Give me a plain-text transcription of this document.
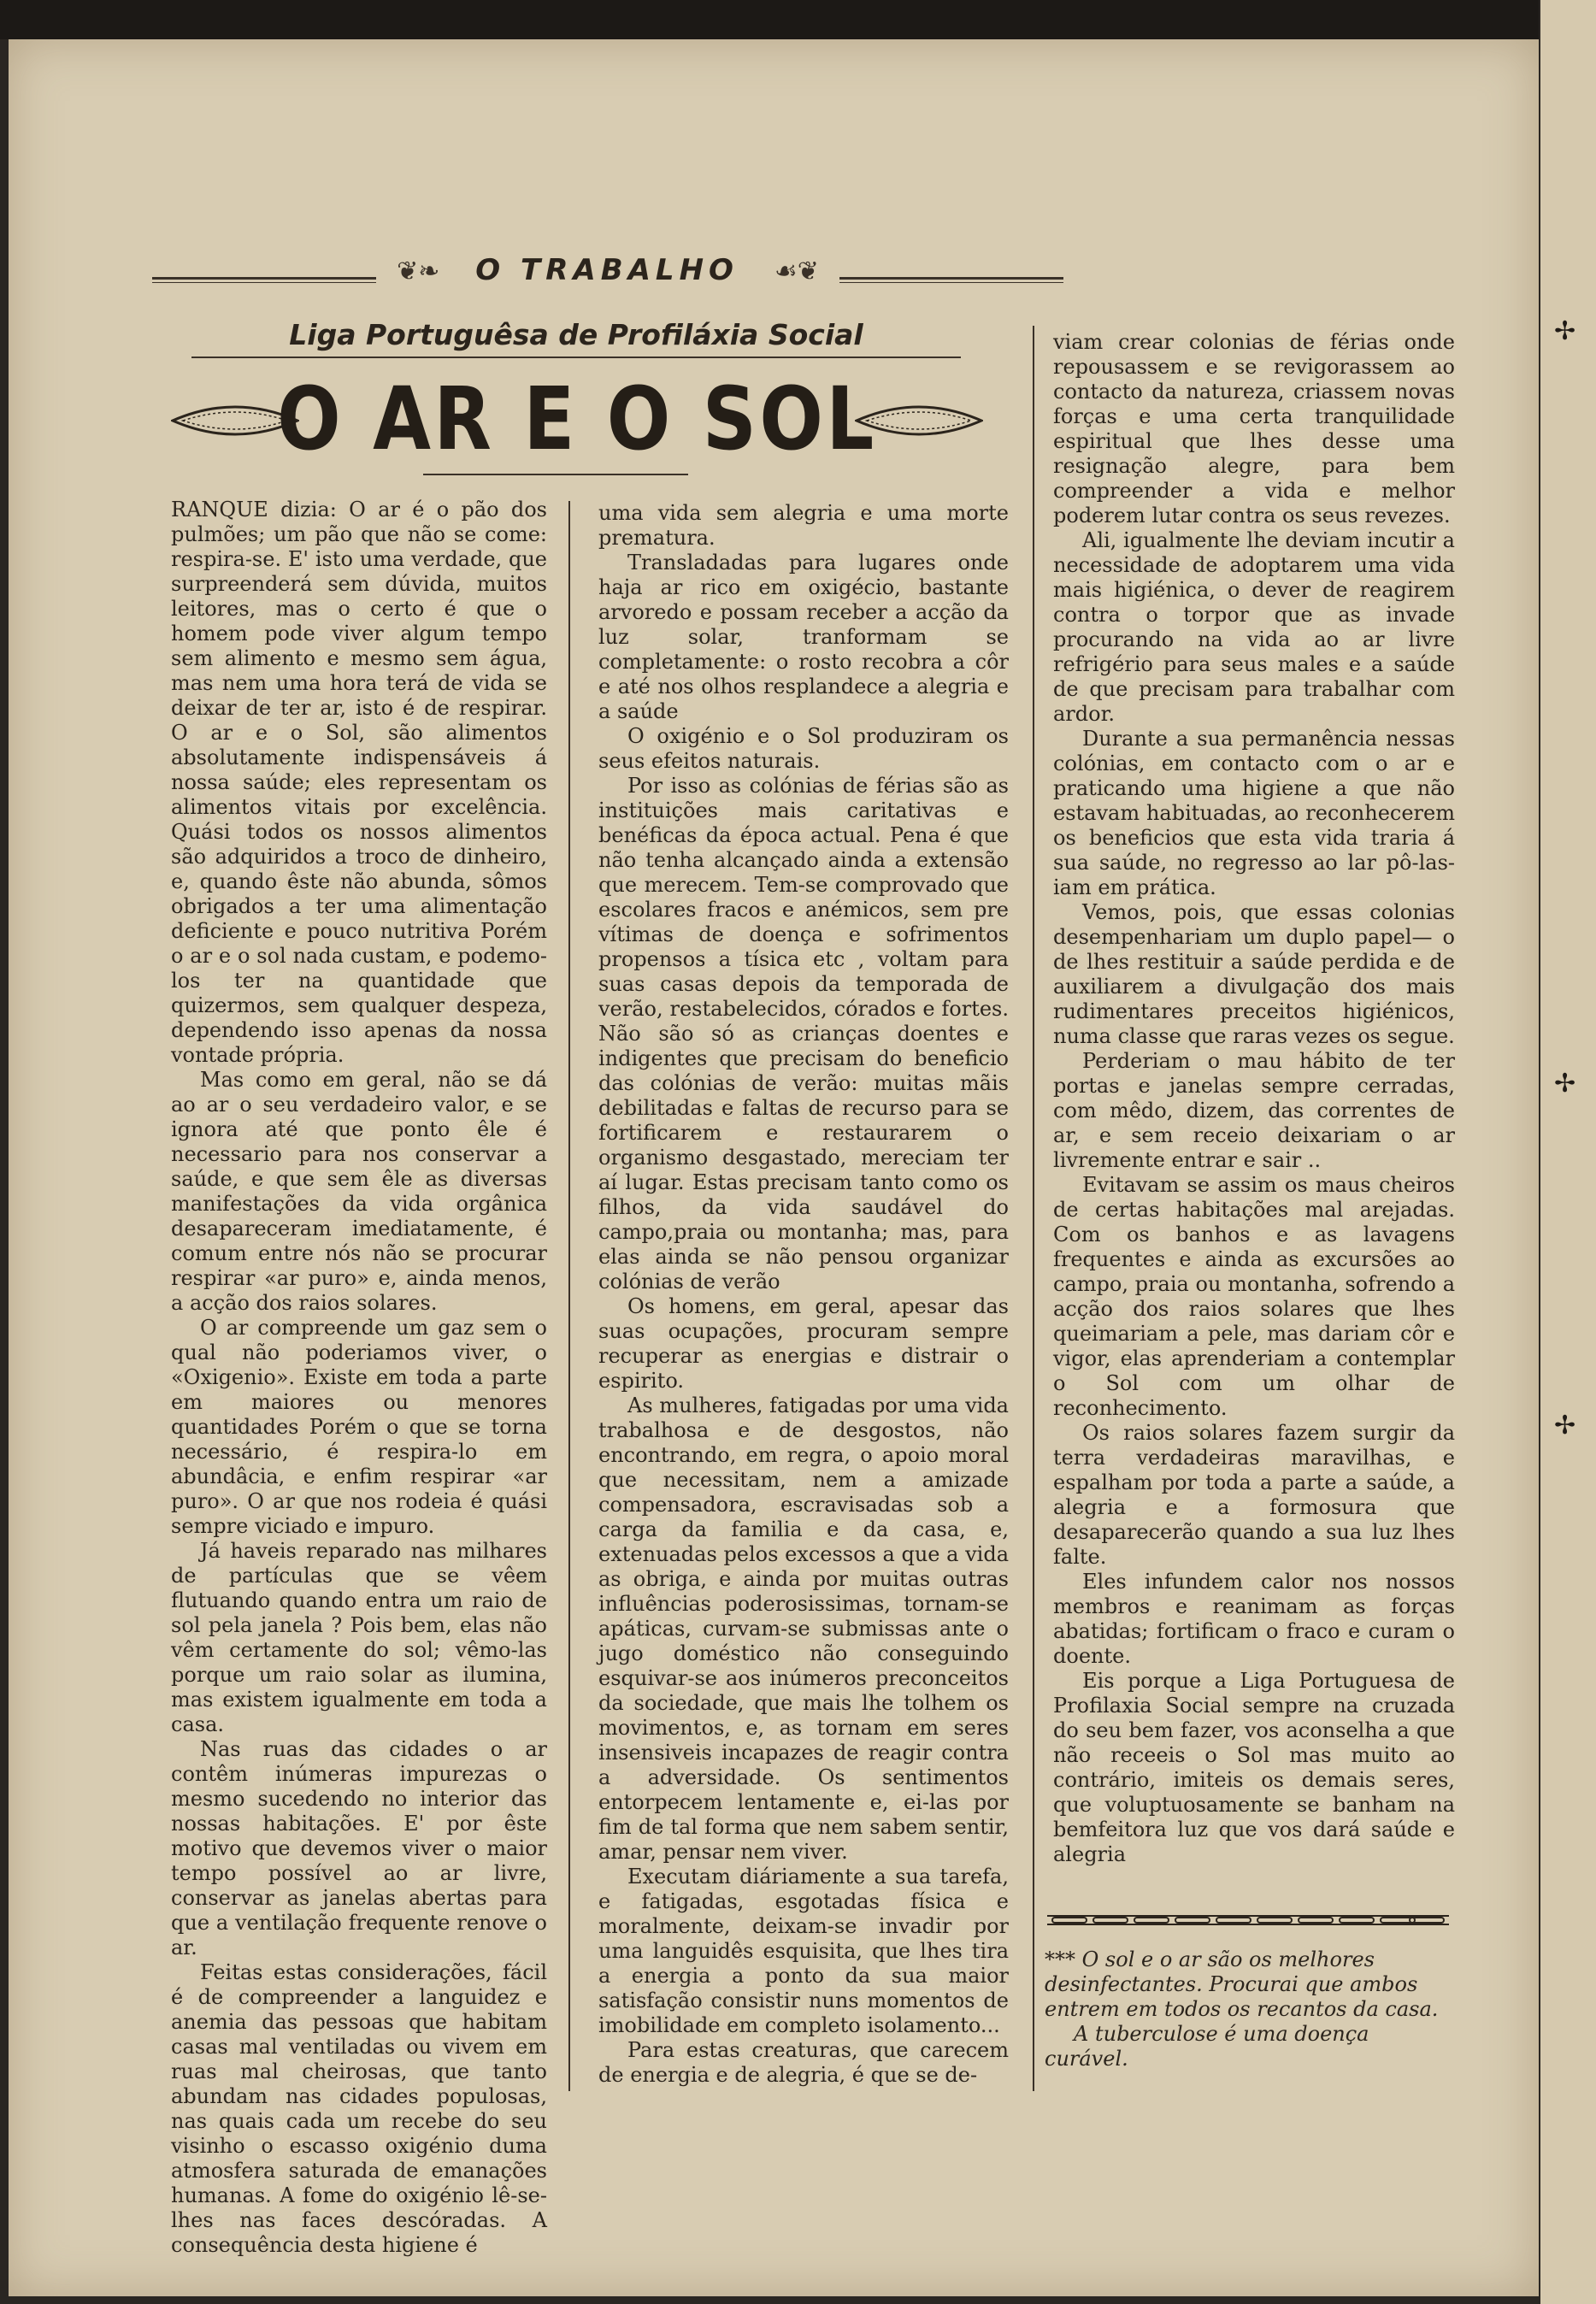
❦❧ O TRABALHO ☙❦
Liga Portuguêsa de Profiláxia Social
O AR E O SOL

RANQUE dizia: O ar é o pão dos pulmões; um pão que não se come: respira-se. E' isto uma verdade, que surpreenderá sem dúvida, muitos leitores, mas o certo é que o homem pode viver algum tempo sem alimento e mesmo sem água, mas nem uma hora terá de vida se deixar de ter ar, isto é de respirar. O ar e o Sol, são alimentos absolutamente indispensáveis á nossa saúde; eles representam os alimentos vitais por excelência. Quási todos os nossos alimentos são adquiridos a troco de dinheiro, e, quando êste não abunda, sômos obrigados a ter uma alimentação deficiente e pouco nutritiva Porém o ar e o sol nada custam, e podemo-los ter na quantidade que quizermos, sem qualquer despeza, dependendo isso apenas da nossa vontade própria.

Mas como em geral, não se dá ao ar o seu verdadeiro valor, e se ignora até que ponto êle é necessario para nos conservar a saúde, e que sem êle as diversas manifestações da vida orgânica desapareceram imediatamente, é comum entre nós não se procurar respirar «ar puro» e, ainda menos, a acção dos raios solares.

O ar compreende um gaz sem o qual não poderiamos viver, o «Oxigenio». Existe em toda a parte em maiores ou menores quantidades Porém o que se torna necessário, é respira-lo em abundâcia, e enfim respirar «ar puro». O ar que nos rodeia é quási sempre viciado e impuro.

Já haveis reparado nas milhares de partículas que se vêem flutuando quando entra um raio de sol pela janela ? Pois bem, elas não vêm certamente do sol; vêmo-las porque um raio solar as ilumina, mas existem igualmente em toda a casa.

Nas ruas das cidades o ar contêm inúmeras impurezas o mesmo sucedendo no interior das nossas habitações. E' por êste motivo que devemos viver o maior tempo possível ao ar livre, conservar as janelas abertas para que a ventilação frequente renove o ar.

Feitas estas considerações, fácil é de compreender a languidez e anemia das pessoas que habitam casas mal ventiladas ou vivem em ruas mal cheirosas, que tanto abundam nas cidades populosas, nas quais cada um recebe do seu visinho o escasso oxigénio duma atmosfera saturada de emanações humanas. A fome do oxigénio lê-se-lhes nas faces descóradas. A consequência desta higiene é

uma vida sem alegria e uma morte prematura.

Transladadas para lugares onde haja ar rico em oxigécio, bastante arvoredo e possam receber a acção da luz solar, tranformam se completamente: o rosto recobra a côr e até nos olhos resplandece a alegria e a saúde

O oxigénio e o Sol produziram os seus efeitos naturais.

Por isso as colónias de férias são as instituições mais caritativas e benéficas da época actual. Pena é que não tenha alcançado ainda a extensão que merecem. Tem-se comprovado que escolares fracos e anémicos, sem pre vítimas de doença e sofrimentos propensos a tísica etc , voltam para suas casas depois da temporada de verão, restabelecidos, córados e fortes. Não são só as crianças doentes e indigentes que precisam do beneficio das colónias de verão: muitas mãis debilitadas e faltas de recurso para se fortificarem e restaurarem o organismo desgastado, mereciam ter aí lugar. Estas precisam tanto como os filhos, da vida saudável do campo,praia ou montanha; mas, para elas ainda se não pensou organizar colónias de verão

Os homens, em geral, apesar das suas ocupações, procuram sempre recuperar as energias e distrair o espirito.

As mulheres, fatigadas por uma vida trabalhosa e de desgostos, não encontrando, em regra, o apoio moral que necessitam, nem a amizade compensadora, escravisadas sob a carga da familia e da casa, e, extenuadas pelos excessos a que a vida as obriga, e ainda por muitas outras influências poderosissimas, tornam-se apáticas, curvam-se submissas ante o jugo doméstico não conseguindo esquivar-se aos inúmeros preconceitos da sociedade, que mais lhe tolhem os movimentos, e, as tornam em seres insensiveis incapazes de reagir contra a adversidade. Os sentimentos entorpecem lentamente e, ei-las por fim de tal forma que nem sabem sentir, amar, pensar nem viver.

Executam diáriamente a sua tarefa, e fatigadas, esgotadas física e moralmente, deixam-se invadir por uma languidês esquisita, que lhes tira a energia a ponto da sua maior satisfação consistir nuns momentos de imobilidade em completo isolamento...

Para estas creaturas, que carecem de energia e de alegria, é que se de-

viam crear colonias de férias onde repousassem e se revigorassem ao contacto da natureza, criassem novas forças e uma certa tranquilidade espiritual que lhes desse uma resignação alegre, para bem compreender a vida e melhor poderem lutar contra os seus revezes.

Ali, igualmente lhe deviam incutir a necessidade de adoptarem uma vida mais higiénica, o dever de reagirem contra o torpor que as invade procurando na vida ao ar livre refrigério para seus males e a saúde de que precisam para trabalhar com ardor.

Durante a sua permanência nessas colónias, em contacto com o ar e praticando uma higiene a que não estavam habituadas, ao reconhecerem os beneficios que esta vida traria á sua saúde, no regresso ao lar pô-las-iam em prática.

Vemos, pois, que essas colonias desempenhariam um duplo papel— o de lhes restituir a saúde perdida e de auxiliarem a divulgação dos mais rudimentares preceitos higiénicos, numa classe que raras vezes os segue.

Perderiam o mau hábito de ter portas e janelas sempre cerradas, com mêdo, dizem, das correntes de ar, e sem receio deixariam o ar livremente entrar e sair ..

Evitavam se assim os maus cheiros de certas habitações mal arejadas. Com os banhos e as lavagens frequentes e ainda as excursões ao campo, praia ou montanha, sofrendo a acção dos raios solares que lhes queimariam a pele, mas dariam côr e vigor, elas aprenderiam a contemplar o Sol com um olhar de reconhecimento.

Os raios solares fazem surgir da terra verdadeiras maravilhas, e espalham por toda a parte a saúde, a alegria e a formosura que desaparecerão quando a sua luz lhes falte.

Eles infundem calor nos nossos membros e reanimam as forças abatidas; fortificam o fraco e curam o doente.

Eis porque a Liga Portuguesa de Profilaxia Social sempre na cruzada do seu bem fazer, vos aconselha a que não receeis o Sol mas muito ao contrário, imiteis os demais seres, que voluptuosamente se banham na bemfeitora luz que vos dará saúde e alegria

*** O sol e o ar são os melhores desinfectantes. Procurai que ambos entrem em todos os recantos da casa.

A tuberculose é uma doença curável.

✢
✢
✢
